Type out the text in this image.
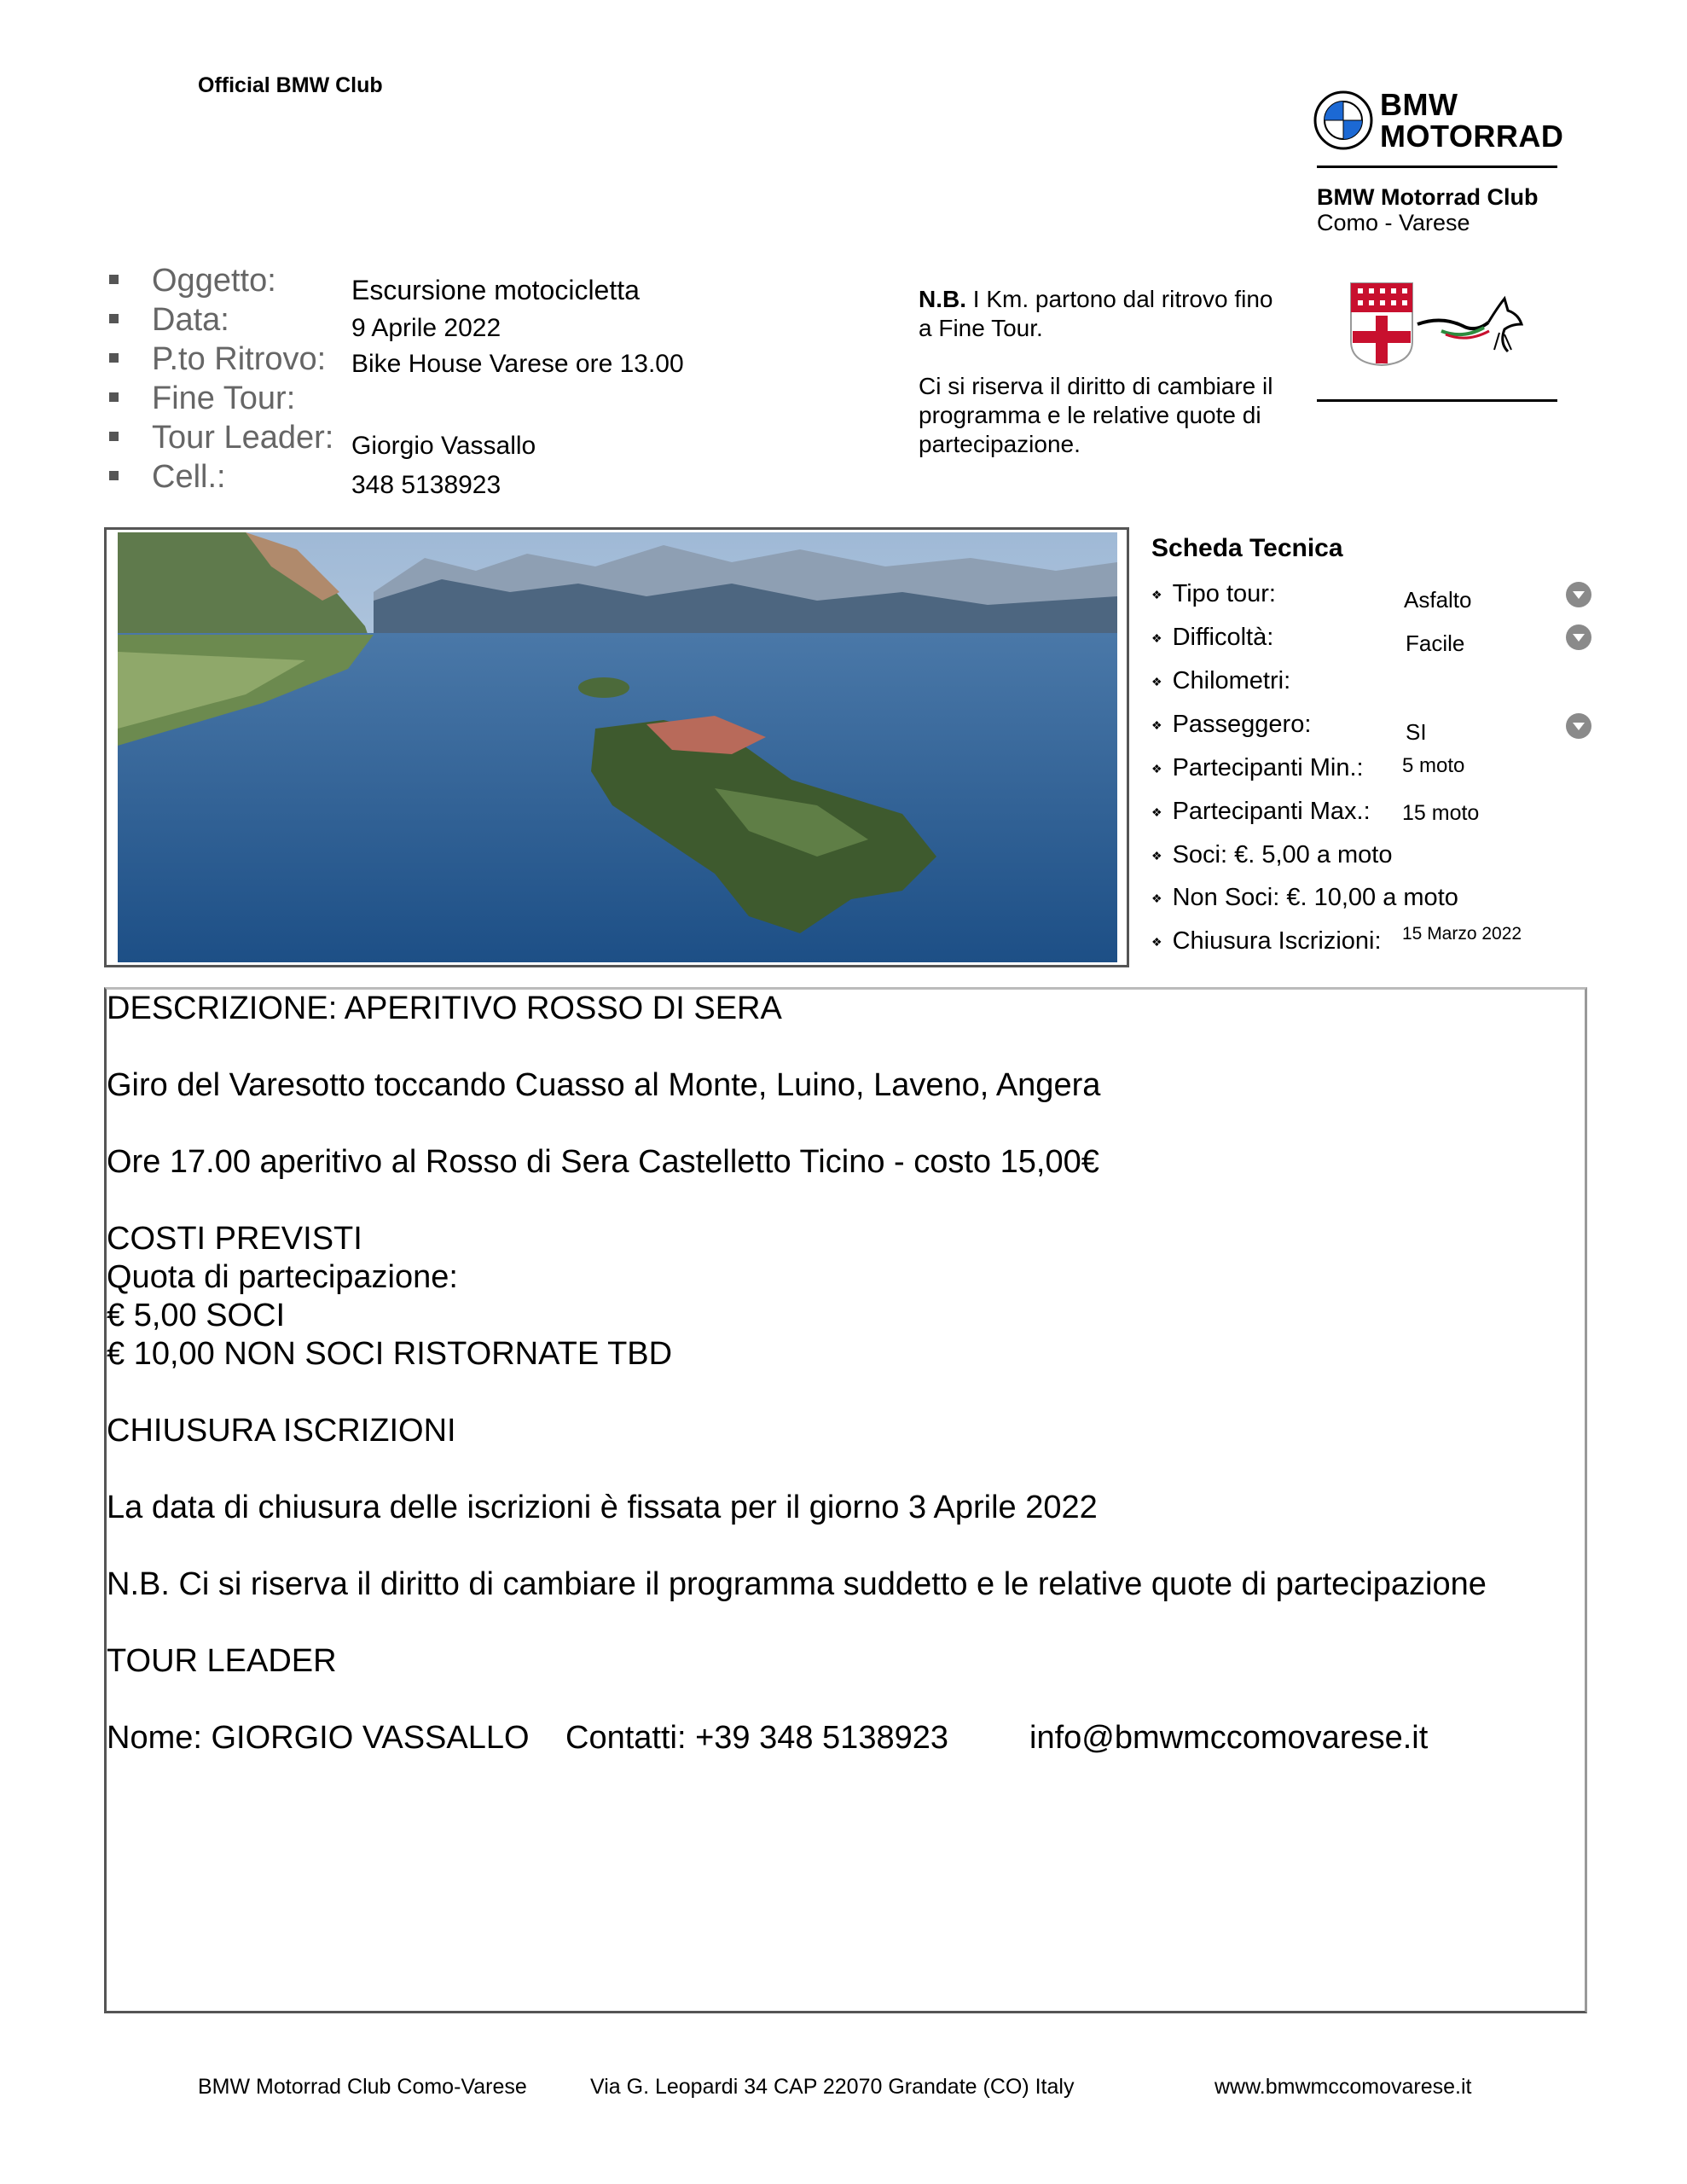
Official BMW Club
BMW
MOTORRAD
BMW Motorrad Club
Como - Varese
Oggetto:	Escursione motocicletta
Data:	9 Aprile 2022
P.to Ritrovo: Bike House Varese ore 13.00
Fine Tour:
Tour Leader: Giorgio Vassallo
Cell.:	348 5138923

N.B. I Km. partono dal ritrovo fino a Fine Tour.

Ci si riserva il diritto di cambiare il programma e le relative quote di partecipazione.

Scheda Tecnica
❖ Tipo tour:	Asfalto
❖ Difficoltà:	Facile
❖ Chilometri:
❖ Passeggero:	SI
❖ Partecipanti Min.: 5 moto
❖ Partecipanti Max.: 15 moto
❖ Soci: €. 5,00 a moto
❖ Non Soci: €. 10,00 a moto
❖ Chiusura Iscrizioni: 15 Marzo 2022
DESCRIZIONE: APERITIVO ROSSO DI SERA
Giro del Varesotto toccando Cuasso al Monte, Luino, Laveno, Angera
Ore 17.00 aperitivo al Rosso di Sera Castelletto Ticino - costo 15,00€
COSTI PREVISTI
Quota di partecipazione:
€ 5,00 SOCI
€ 10,00 NON SOCI RISTORNATE TBD
CHIUSURA ISCRIZIONI
La data di chiusura delle iscrizioni è fissata per il giorno 3 Aprile 2022
N.B. Ci si riserva il diritto di cambiare il programma suddetto e le relative quote di partecipazione
TOUR LEADER
Nome: GIORGIO VASSALLO Contatti: +39 348 5138923	info@bmwmccomovarese.it
BMW Motorrad Club Como-Varese	Via G. Leopardi 34 CAP 22070 Grandate (CO) Italy	www.bmwmccomovarese.it
